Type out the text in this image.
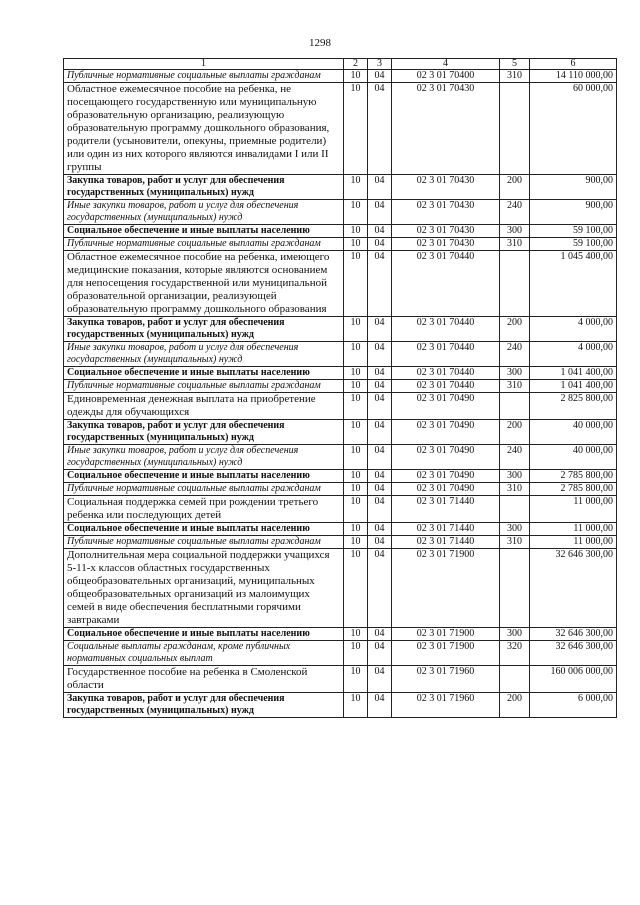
1298
1	2	3	4	5	6
Публичные нормативные социальные выплаты гражданам	10	04	02 3 01 70400	310	14 110 000,00
Областное ежемесячное пособие на ребенка, не посещающего государственную или муниципальную образовательную организацию, реализующую образовательную программу дошкольного образования, родители (усыновители, опекуны, приемные родители) или один из них которого являются инвалидами I или II группы	10	04	02 3 01 70430		60 000,00
Закупка товаров, работ и услуг для обеспечения государственных (муниципальных) нужд	10	04	02 3 01 70430	200	900,00
Иные закупки товаров, работ и услуг для обеспечения государственных (муниципальных) нужд	10	04	02 3 01 70430	240	900,00
Социальное обеспечение и иные выплаты населению	10	04	02 3 01 70430	300	59 100,00
Публичные нормативные социальные выплаты гражданам	10	04	02 3 01 70430	310	59 100,00
Областное ежемесячное пособие на ребенка, имеющего медицинские показания, которые являются основанием для непосещения государственной или муниципальной образовательной организации, реализующей образовательную программу дошкольного образования	10	04	02 3 01 70440		1 045 400,00
Закупка товаров, работ и услуг для обеспечения государственных (муниципальных) нужд	10	04	02 3 01 70440	200	4 000,00
Иные закупки товаров, работ и услуг для обеспечения государственных (муниципальных) нужд	10	04	02 3 01 70440	240	4 000,00
Социальное обеспечение и иные выплаты населению	10	04	02 3 01 70440	300	1 041 400,00
Публичные нормативные социальные выплаты гражданам	10	04	02 3 01 70440	310	1 041 400,00
Единовременная денежная выплата на приобретение одежды для обучающихся	10	04	02 3 01 70490		2 825 800,00
Закупка товаров, работ и услуг для обеспечения государственных (муниципальных) нужд	10	04	02 3 01 70490	200	40 000,00
Иные закупки товаров, работ и услуг для обеспечения государственных (муниципальных) нужд	10	04	02 3 01 70490	240	40 000,00
Социальное обеспечение и иные выплаты населению	10	04	02 3 01 70490	300	2 785 800,00
Публичные нормативные социальные выплаты гражданам	10	04	02 3 01 70490	310	2 785 800,00
Социальная поддержка семей при рождении третьего ребенка или последующих детей	10	04	02 3 01 71440		11 000,00
Социальное обеспечение и иные выплаты населению	10	04	02 3 01 71440	300	11 000,00
Публичные нормативные социальные выплаты гражданам	10	04	02 3 01 71440	310	11 000,00
Дополнительная мера социальной поддержки учащихся 5-11-х классов областных государственных общеобразовательных организаций, муниципальных общеобразовательных организаций из малоимущих семей в виде обеспечения бесплатными горячими завтраками	10	04	02 3 01 71900		32 646 300,00
Социальное обеспечение и иные выплаты населению	10	04	02 3 01 71900	300	32 646 300,00
Социальные выплаты гражданам, кроме публичных нормативных социальных выплат	10	04	02 3 01 71900	320	32 646 300,00
Государственное пособие на ребенка в Смоленской области	10	04	02 3 01 71960		160 006 000,00
Закупка товаров, работ и услуг для обеспечения государственных (муниципальных) нужд	10	04	02 3 01 71960	200	6 000,00
